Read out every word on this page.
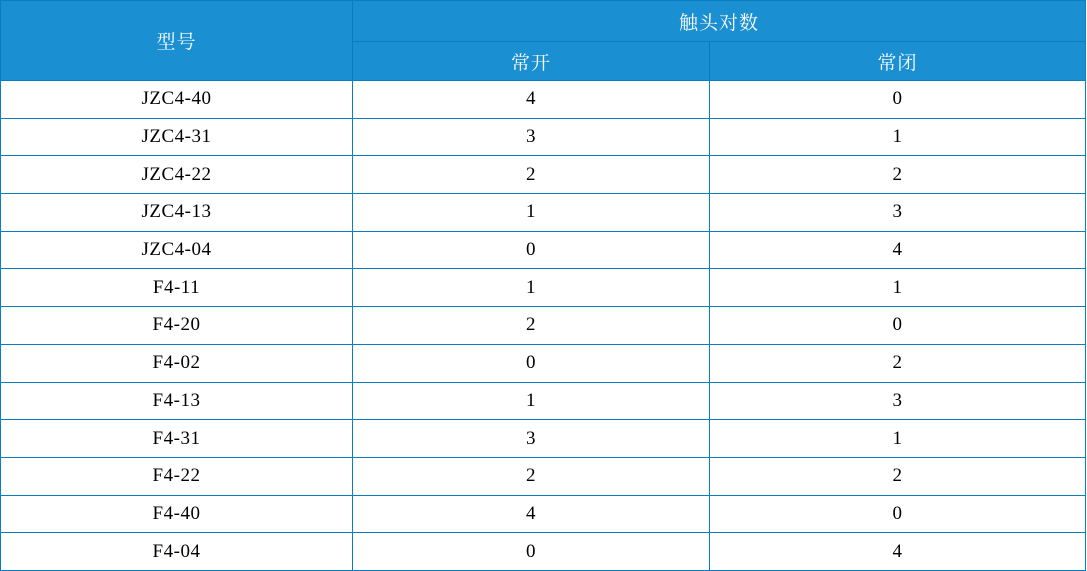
型号	触头对数	
	常开	常闭
JZC4-40	4	0
JZC4-31	3	1
JZC4-22	2	2
JZC4-13	1	3
JZC4-04	0	4
F4-11	1	1
F4-20	2	0
F4-02	0	2
F4-13	1	3
F4-31	3	1
F4-22	2	2
F4-40	4	0
F4-04	0	4
